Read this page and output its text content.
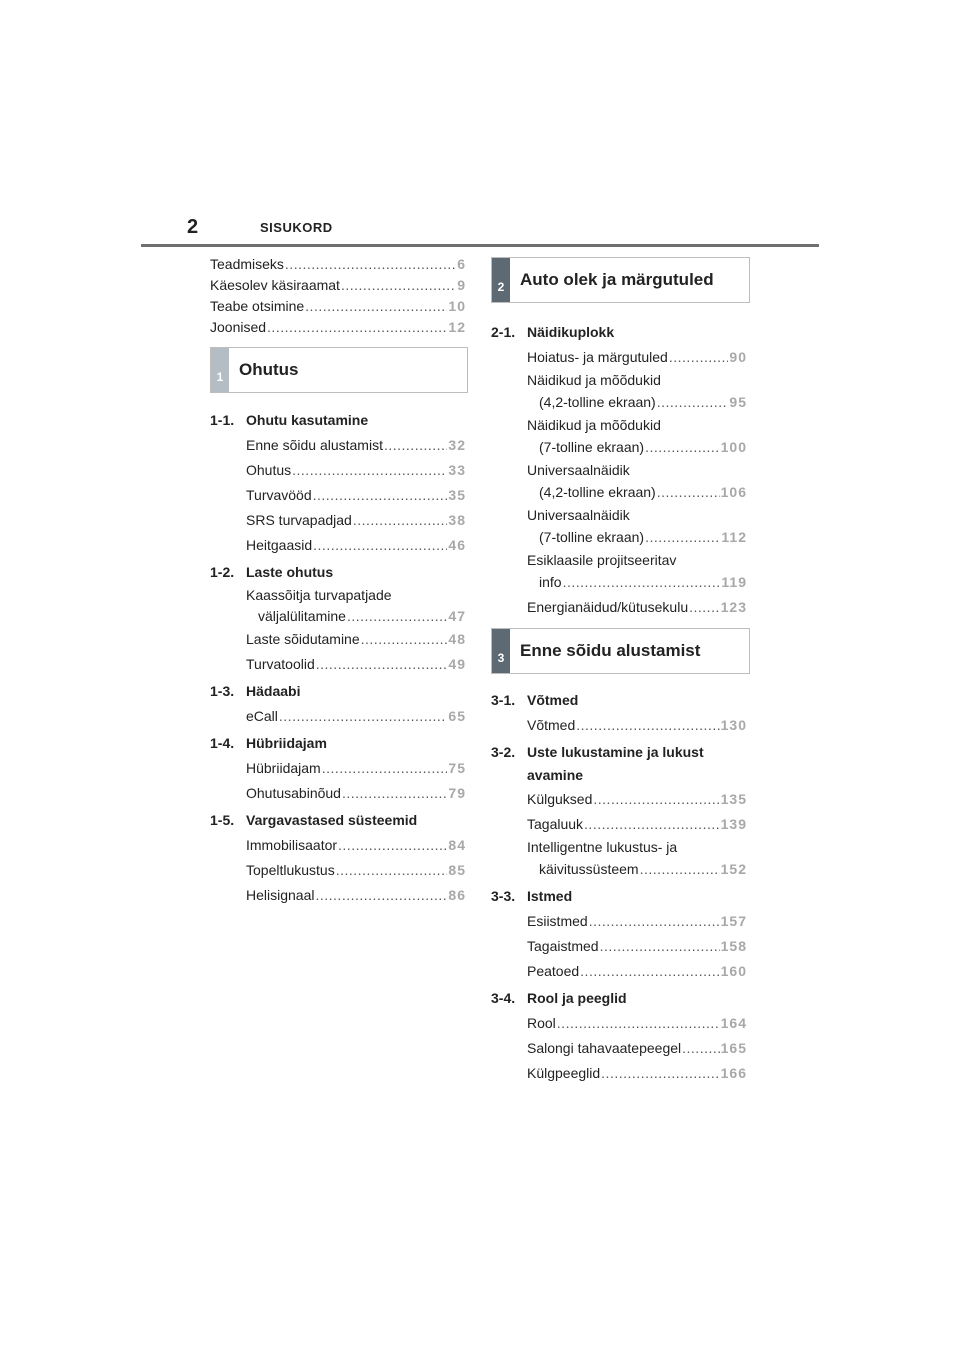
2	SISUKORD
Teadmiseks .....	6
Käesolev käsiraamat .....	9
Teabe otsimine .....	10
Joonised .....	12
1 Ohutus
1-1. Ohutu kasutamine
Enne sõidu alustamist .....	32
Ohutus .....	33
Turvavööd .....	35
SRS turvapadjad .....	38
Heitgaasid .....	46
1-2. Laste ohutus
Kaassõitja turvapatjade
väljalülitamine .....	47
Laste sõidutamine .....	48
Turvatoolid .....	49
1-3. Hädaabi
eCall .....	65
1-4. Hübriidajam
Hübriidajam .....	75
Ohutusabinõud .....	79
1-5. Vargavastased süsteemid
Immobilisaator .....	84
Topeltlukustus .....	85
Helisignaal .....	86
2 Auto olek ja märgutuled
2-1. Näidikuplokk
Hoiatus- ja märgutuled .....	90
Näidikud ja mõõdukid
(4,2-tolline ekraan) .....	95
Näidikud ja mõõdukid
(7-tolline ekraan) .....	100
Universaalnäidik
(4,2-tolline ekraan) .....	106
Universaalnäidik
(7-tolline ekraan) .....	112
Esiklaasile projitseeritav
info .....	119
Energianäidud/kütusekulu ..... 123
3 Enne sõidu alustamist
3-1. Võtmed
Võtmed .....	130
3-2. Uste lukustamine ja lukust
avamine
Külguksed .....	135
Tagaluuk .....	139
Intelligentne lukustus- ja
käivitussüsteem .....	152
3-3. Istmed
Esiistmed .....	157
Tagaistmed .....	158
Peatoed .....	160
3-4. Rool ja peeglid
Rool .....	164
Salongi tahavaatepeegel .....	165
Külgpeeglid .....	166
